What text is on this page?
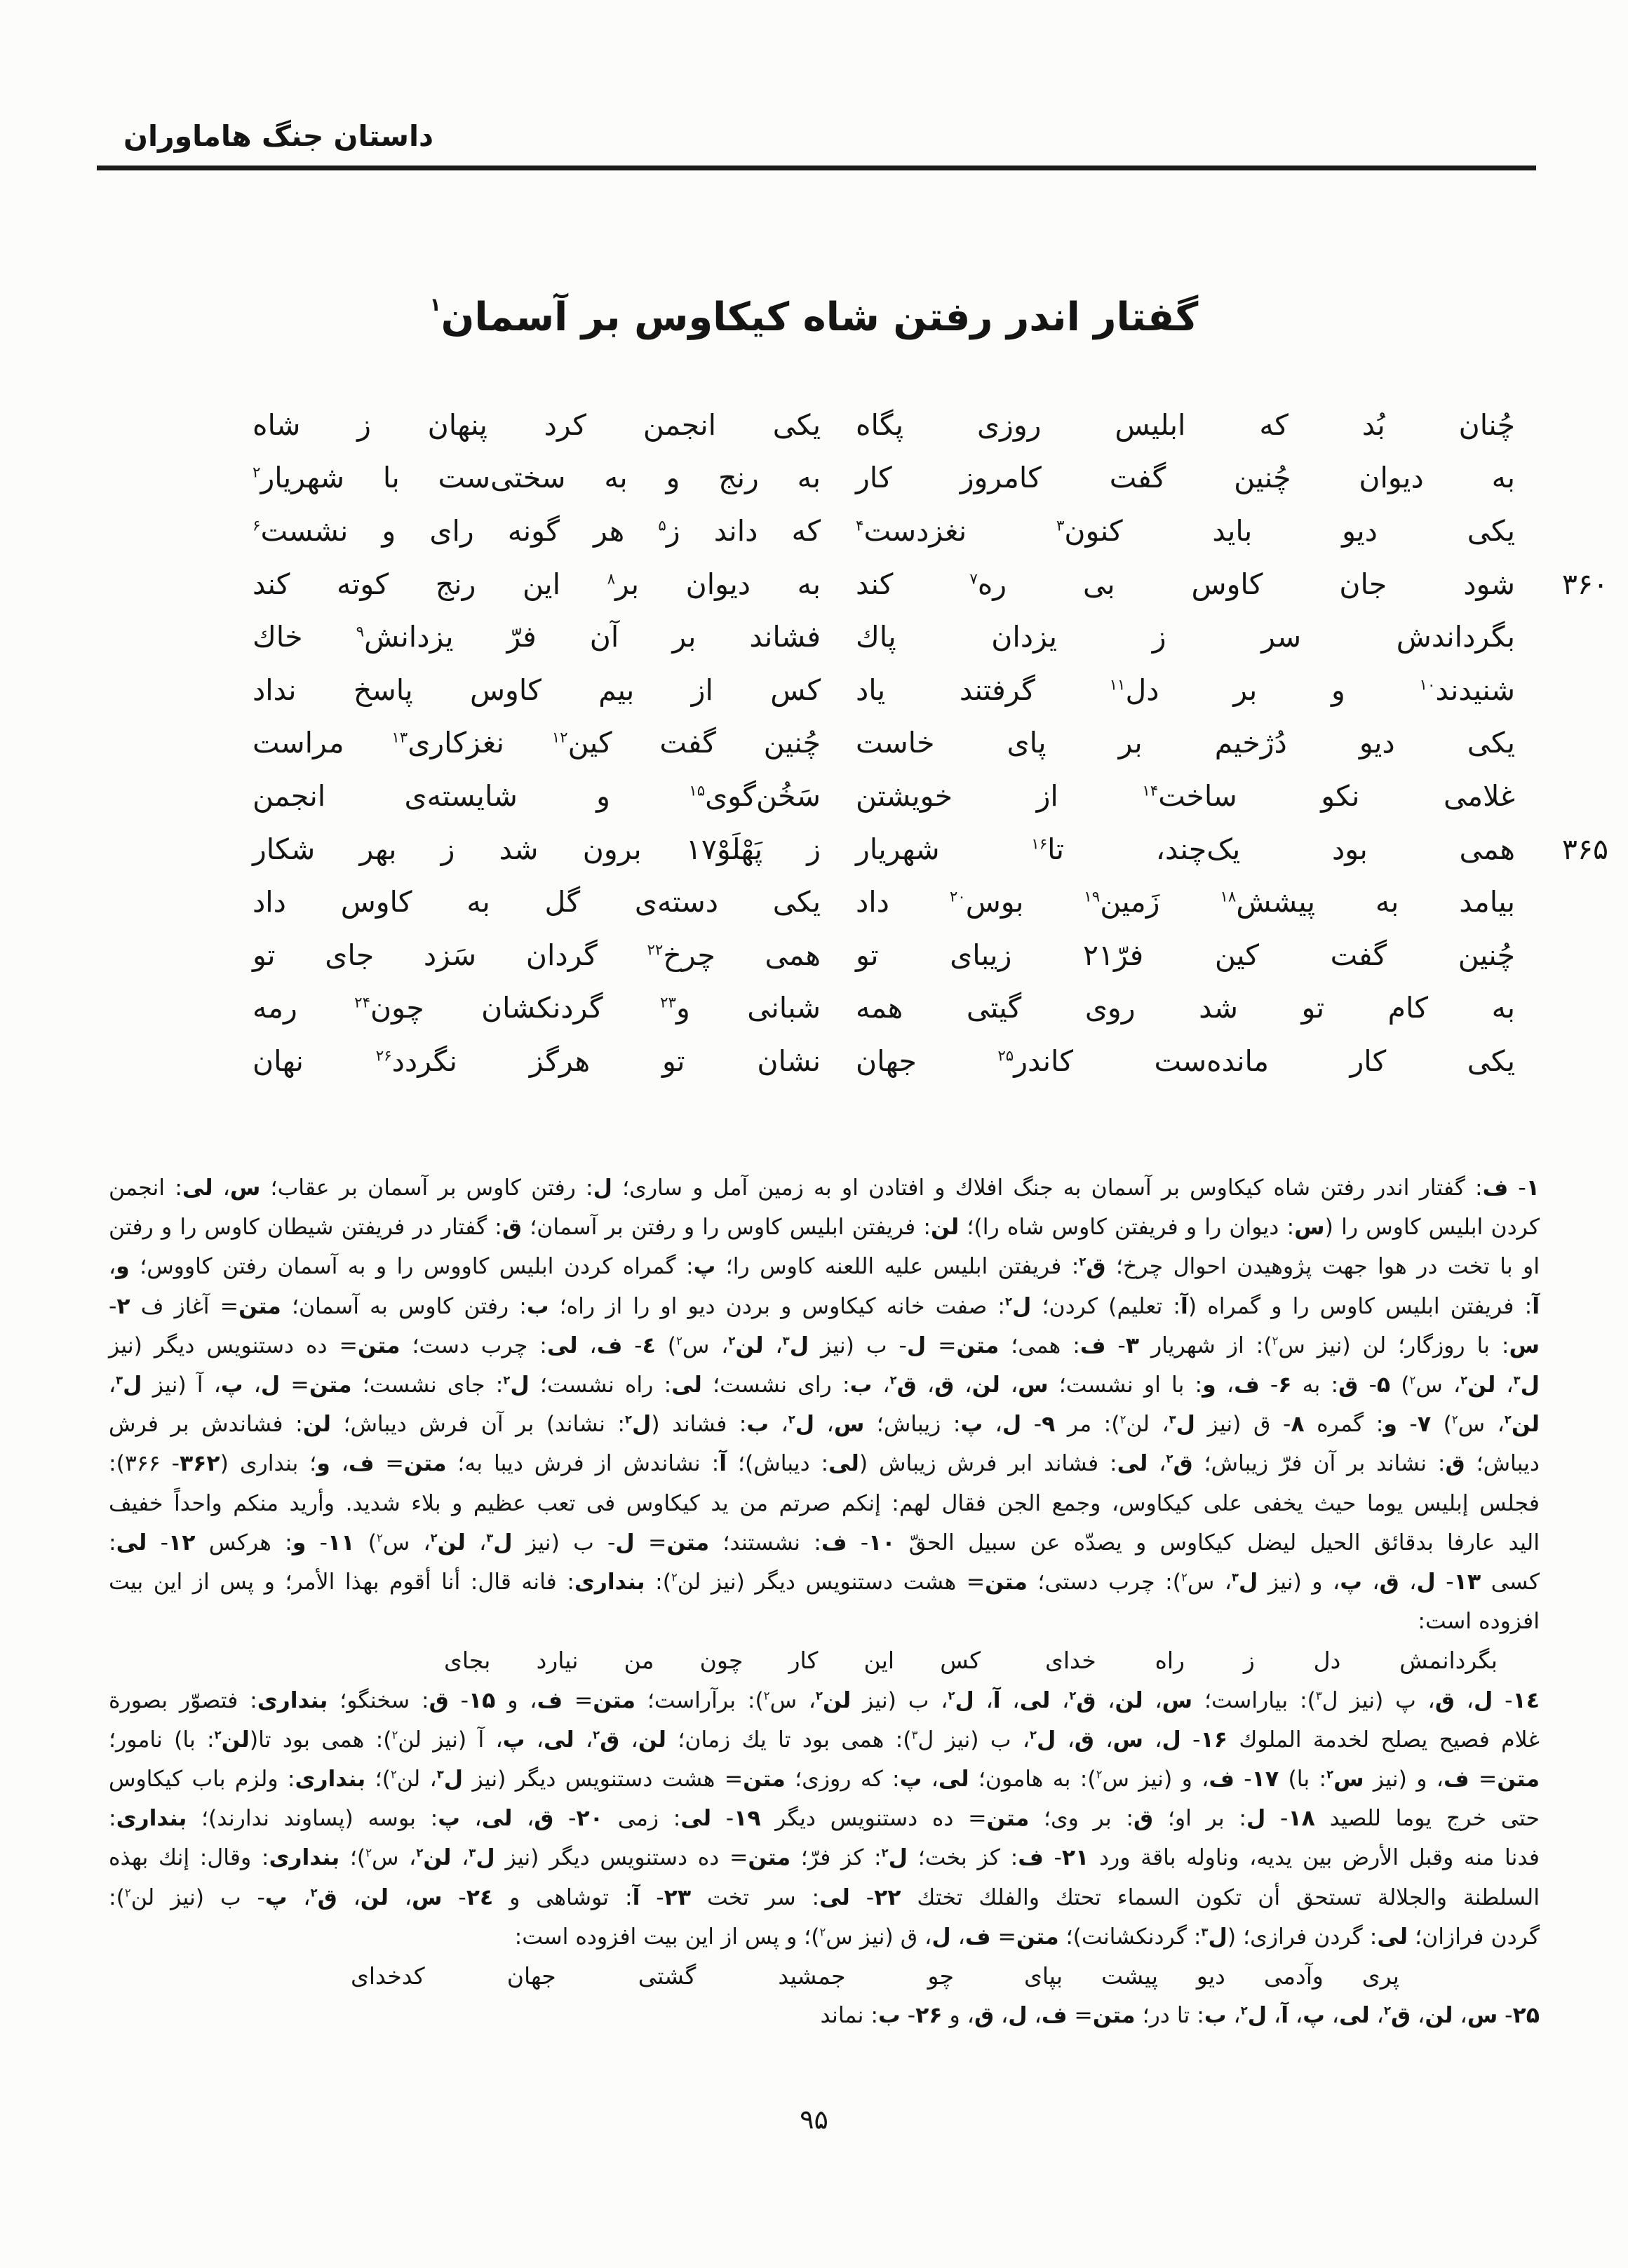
داستان جنگ هاماوران
گفتار اندر رفتن شاه کیکاوس بر آسمان$^۱$
چُنان بُد که ابلیس روزی پگاه
یکی انجمن کرد پنهان ز شاه
به دیوان چُنین گفت کامروز کار
به رنج و به سختی‌ست با شهریار$^۲$
یکی دیو باید کنون$^۳$ نغزدست$^۴$
که داند ز$^۵$ هر گونه رای و نشست$^۶$
شود جان کاوس بی ره$^۷$ کند
به دیوان بر$^۸$ این رنج کوته کند	۳۶۰
بگرداندش سر ز یزدان پاك
فشاند بر آن فرّ یزدانش$^۹$ خاك
شنیدند$^{۱۰}$ و بر دل$^{۱۱}$ گرفتند یاد
کس از بیم کاوس پاسخ نداد
یکی دیو دُژخیم بر پای خاست
چُنین گفت کین$^{۱۲}$ نغزکاری$^{۱۳}$ مراست
غلامی نکو ساخت$^{۱۴}$ از خویشتن
سَخُن‌گوی$^{۱۵}$ و شایسته‌ی انجمن
همی بود یک‌چند، تا$^{۱۶}$ شهریار
ز پَهْلَوْ۱۷ برون شد ز بهر شکار	۳۶۵
بیامد به پیشش$^{۱۸}$ زَمین$^{۱۹}$ بوس$^{۲۰}$ داد
یکی دسته‌ی گل به کاوس داد
چُنین گفت کین فرّ۲۱ زیبای تو
همی چرخ$^{۲۲}$ گردان سَزد جای تو
به کام تو شد روی گیتی همه
شبانی و$^{۲۳}$ گردنکشان چون$^{۲۴}$ رمه
یکی کار مانده‌ست کاندر$^{۲۵}$ جهان
نشان تو هرگز نگردد$^{۲۶}$ نهان
۱- ف: گفتار اندر رفتن شاه کیکاوس بر آسمان به جنگ افلاك و افتادن او به زمین آمل و ساری؛ ل: رفتن کاوس بر آسمان بر عقاب؛ س، لی: انجمن
کردن ابلیس کاوس را (س: دیوان را و فریفتن کاوس شاه را)؛ لن: فریفتن ابلیس کاوس را و رفتن بر آسمان؛ ق: گفتار در فریفتن شیطان کاوس را و رفتن
او با تخت در هوا جهت پژوهیدن احوال چرخ؛ ق$^۲$: فریفتن ابلیس علیه اللعنه کاوس را؛ پ: گمراه کردن ابلیس کاووس را و به آسمان رفتن کاووس؛ و،
آ: فریفتن ابلیس کاوس را و گمراه (آ: تعلیم) کردن؛ ل$^۲$: صفت خانه کیکاوس و بردن دیو او را از راه؛ ب: رفتن کاوس به آسمان؛ متن= آغاز ف ۲-
س: با روزگار؛ لن (نیز س$^۲$): از شهریار ۳- ف: همی؛ متن= ل- ب (نیز ل$^۳$، لن$^۲$، س$^۲$) ٤- ف، لی: چرب دست؛ متن= ده دستنویس دیگر (نیز
ل$^۳$، لن$^۲$، س$^۲$) ۵- ق: به ۶- ف، و: با او نشست؛ س، لن، ق، ق$^۲$، ب: رای نشست؛ لی: راه نشست؛ ل$^۲$: جای نشست؛ متن= ل، پ، آ (نیز ل$^۳$،
لن$^۲$، س$^۲$) ۷- و: گمره ۸- ق (نیز ل$^۳$، لن$^۲$): مر ۹- ل، پ: زیباش؛ س، ل$^۲$، ب: فشاند (ل$^۲$: نشاند) بر آن فرش دیباش؛ لن: فشاندش بر فرش
دیباش؛ ق: نشاند بر آن فرّ زیباش؛ ق$^۲$، لی: فشاند ابر فرش زیباش (لی: دیباش)؛ آ: نشاندش از فرش دیبا به؛ متن= ف، و؛ بنداری (۳۶۲- ۳۶۶):
فجلس إبلیس یوما حیث یخفی علی کیکاوس، وجمع الجن فقال لهم: إنکم صرتم من ید کیکاوس فی تعب عظیم و بلاء شدید. وأرید منکم واحداً خفیف
الید عارفا بدقائق الحیل لیضل کیکاوس و یصدّه عن سبیل الحقّ ۱۰- ف: نشستند؛ متن= ل- ب (نیز ل$^۳$، لن$^۲$، س$^۲$) ۱۱- و: هرکس ۱۲- لی:
کسی ۱۳- ل، ق، پ، و (نیز ل$^۳$، س$^۲$): چرب دستی؛ متن= هشت دستنویس دیگر (نیز لن$^۲$): بنداری: فانه قال: أنا أقوم بهذا الأمر؛ و پس از این بیت
افزوده است:
بگردانمش دل ز راه خدای
کس این کار چون من نیارد بجای
۱٤- ل، ق، پ (نیز ل$^۳$): بیاراست؛ س، لن، ق$^۲$، لی، آ، ل$^۲$، ب (نیز لن$^۲$، س$^۲$): برآراست؛ متن= ف، و ۱۵- ق: سخنگو؛ بنداری: فتصوّر بصورة
غلام فصیح یصلح لخدمة الملوك ۱۶- ل، س، ق، ل$^۲$، ب (نیز ل$^۳$): همی بود تا یك زمان؛ لن، ق$^۲$، لی، پ، آ (نیز لن$^۲$): همی بود تا(لن$^۲$: با) نامور؛
متن= ف، و (نیز س$^۲$: با) ۱۷- ف، و (نیز س$^۲$): به هامون؛ لی، پ: که روزی؛ متن= هشت دستنویس دیگر (نیز ل$^۳$، لن$^۲$)؛ بنداری: ولزم باب کیکاوس
حتی خرج یوما للصید ۱۸- ل: بر او؛ ق: بر وی؛ متن= ده دستنویس دیگر ۱۹- لی: زمی ۲۰- ق، لی، پ: بوسه (پساوند ندارند)؛ بنداری:
فدنا منه وقبل الأرض بین یدیه، وناوله باقة ورد ۲۱- ف: کز بخت؛ ل$^۲$: کز فرّ؛ متن= ده دستنویس دیگر (نیز ل$^۳$، لن$^۲$، س$^۲$)؛ بنداری: وقال: إنك بهذه
السلطنة والجلالة تستحق أن تکون السماء تحتك والفلك تختك ۲۲- لی: سر تخت ۲۳- آ: توشاهی و ۲٤- س، لن، ق$^۲$، پ- ب (نیز لن$^۲$):
گردن فرازان؛ لی: گردن فرازی؛ (ل$^۳$: گردنکشانت)؛ متن= ف، ل، ق (نیز س$^۲$)؛ و پس از این بیت افزوده است:
پری وآدمی دیو پیشت بپای
چو جمشید گشتی جهان کدخدای
۲۵- س، لن، ق$^۲$، لی، پ، آ، ل$^۲$، ب: تا در؛ متن= ف، ل، ق، و ۲۶- ب: نماند
۹۵
